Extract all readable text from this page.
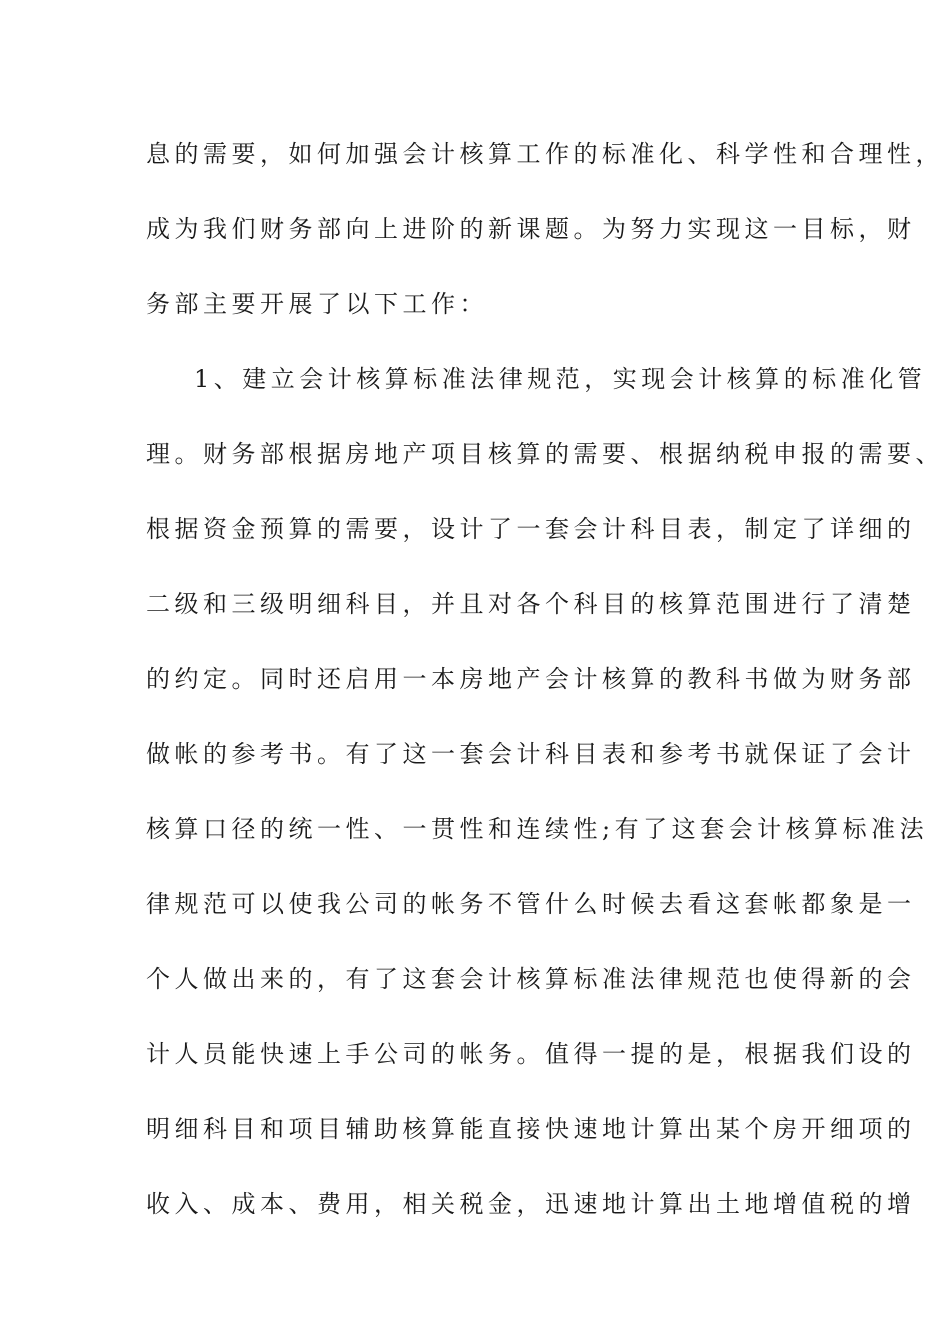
息的需要，如何加强会计核算工作的标准化、科学性和合理性，
成为我们财务部向上进阶的新课题。为努力实现这一目标，财
务部主要开展了以下工作：
1、建立会计核算标准法律规范，实现会计核算的标准化管
理。财务部根据房地产项目核算的需要、根据纳税申报的需要、
根据资金预算的需要，设计了一套会计科目表，制定了详细的
二级和三级明细科目，并且对各个科目的核算范围进行了清楚
的约定。同时还启用一本房地产会计核算的教科书做为财务部
做帐的参考书。有了这一套会计科目表和参考书就保证了会计
核算口径的统一性、一贯性和连续性;有了这套会计核算标准法
律规范可以使我公司的帐务不管什么时候去看这套帐都象是一
个人做出来的，有了这套会计核算标准法律规范也使得新的会
计人员能快速上手公司的帐务。值得一提的是，根据我们设的
明细科目和项目辅助核算能直接快速地计算出某个房开细项的
收入、成本、费用，相关税金，迅速地计算出土地增值税的增
